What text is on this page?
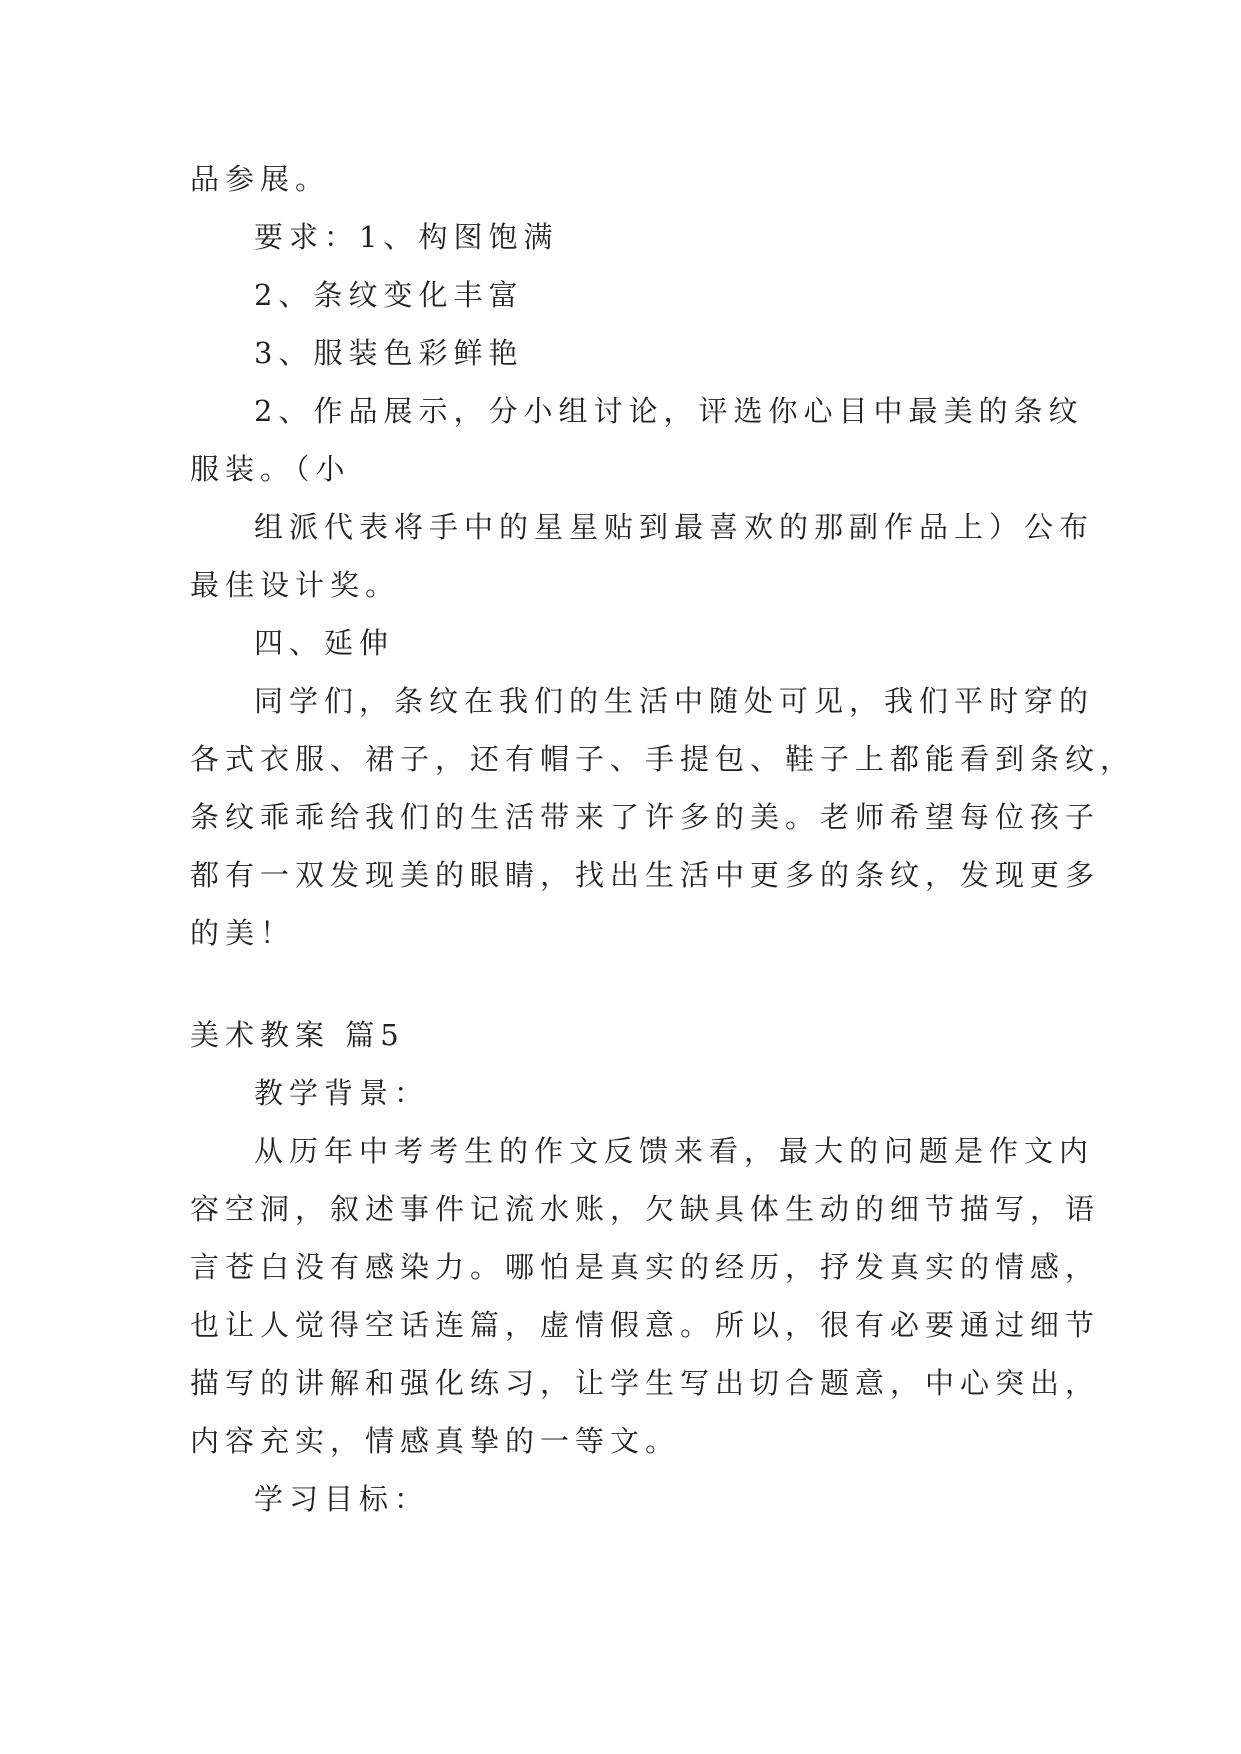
品参展。
要求：1、构图饱满
2、条纹变化丰富
3、服装色彩鲜艳
2、作品展示，分小组讨论，评选你心目中最美的条纹
服装。（小
组派代表将手中的星星贴到最喜欢的那副作品上）公布
最佳设计奖。
四、延伸
同学们，条纹在我们的生活中随处可见，我们平时穿的
各式衣服、裙子，还有帽子、手提包、鞋子上都能看到条纹，
条纹乖乖给我们的生活带来了许多的美。老师希望每位孩子
都有一双发现美的眼睛，找出生活中更多的条纹，发现更多
的美！
美术教案 篇5
教学背景：
从历年中考考生的作文反馈来看，最大的问题是作文内
容空洞，叙述事件记流水账，欠缺具体生动的细节描写，语
言苍白没有感染力。哪怕是真实的经历，抒发真实的情感，
也让人觉得空话连篇，虚情假意。所以，很有必要通过细节
描写的讲解和强化练习，让学生写出切合题意，中心突出，
内容充实，情感真挚的一等文。
学习目标：
